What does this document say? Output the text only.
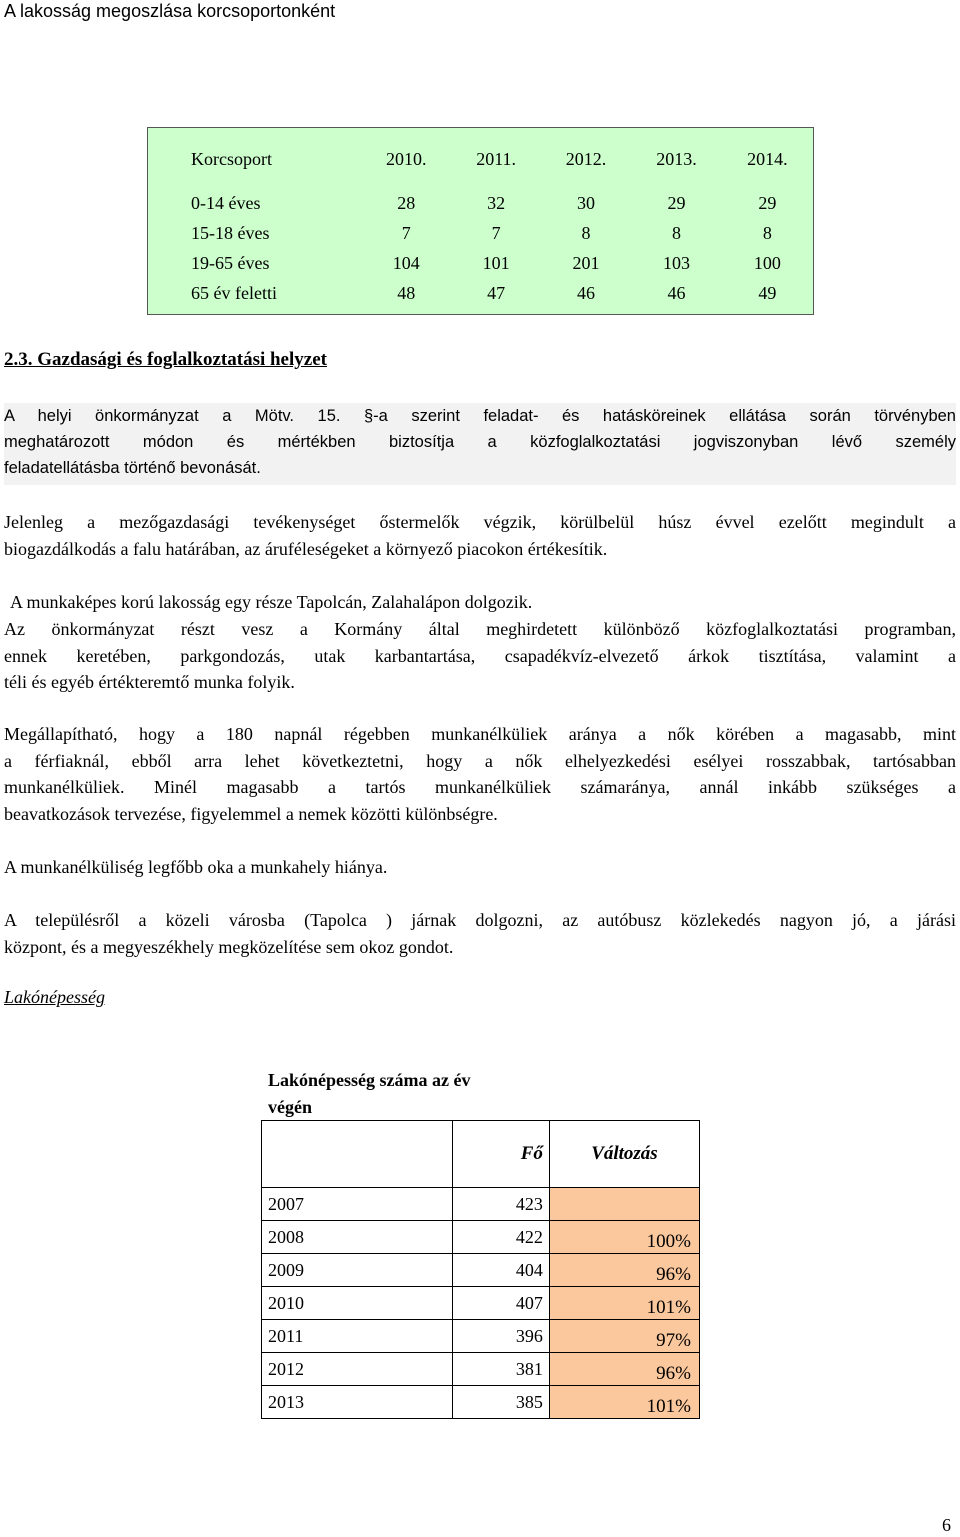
A lakosság megoszlása korcsoportonként
Korcsoport	2010.	2011.	2012.	2013.	2014.
0-14 éves	28	32	30	29	29
15-18 éves	7	7	8	8	8
19-65 éves	104	101	201	103	100
65 év feletti	48	47	46	46	49

2.3. Gazdasági és foglalkoztatási helyzet
A helyi önkormányzat a Mötv. 15. §-a szerint feladat- és hatásköreinek ellátása során törvényben
meghatározott módon és mértékben biztosítja a közfoglalkoztatási jogviszonyban lévő személy
feladatellátásba történő bevonását.
Jelenleg a mezőgazdasági tevékenységet őstermelők végzik, körülbelül húsz évvel ezelőtt megindult a
biogazdálkodás a falu határában, az áruféleségeket a környező piacokon értékesítik.
A munkaképes korú lakosság egy része Tapolcán, Zalahalápon dolgozik.
Az önkormányzat részt vesz a Kormány által meghirdetett különböző közfoglalkoztatási programban,
ennek keretében, parkgondozás, utak karbantartása, csapadékvíz-elvezető árkok tisztítása, valamint a
téli és egyéb értékteremtő munka folyik.
Megállapítható, hogy a 180 napnál régebben munkanélküliek aránya a nők körében a magasabb, mint
a férfiaknál, ebből arra lehet következtetni, hogy a nők elhelyezkedési esélyei rosszabbak, tartósabban
munkanélküliek. Minél magasabb a tartós munkanélküliek számaránya, annál inkább szükséges a
beavatkozások tervezése, figyelemmel a nemek közötti különbségre.
A munkanélküliség legfőbb oka a munkahely hiánya.
A településről a közeli városba (Tapolca ) járnak dolgozni, az autóbusz közlekedés nagyon jó, a járási
központ, és a megyeszékhely megközelítése sem okoz gondot.
Lakónépesség
Lakónépesség száma az év
végén
	Fő	Változás
2007	423	
2008	422	100%
2009	404	96%
2010	407	101%
2011	396	97%
2012	381	96%
2013	385	101%
6
